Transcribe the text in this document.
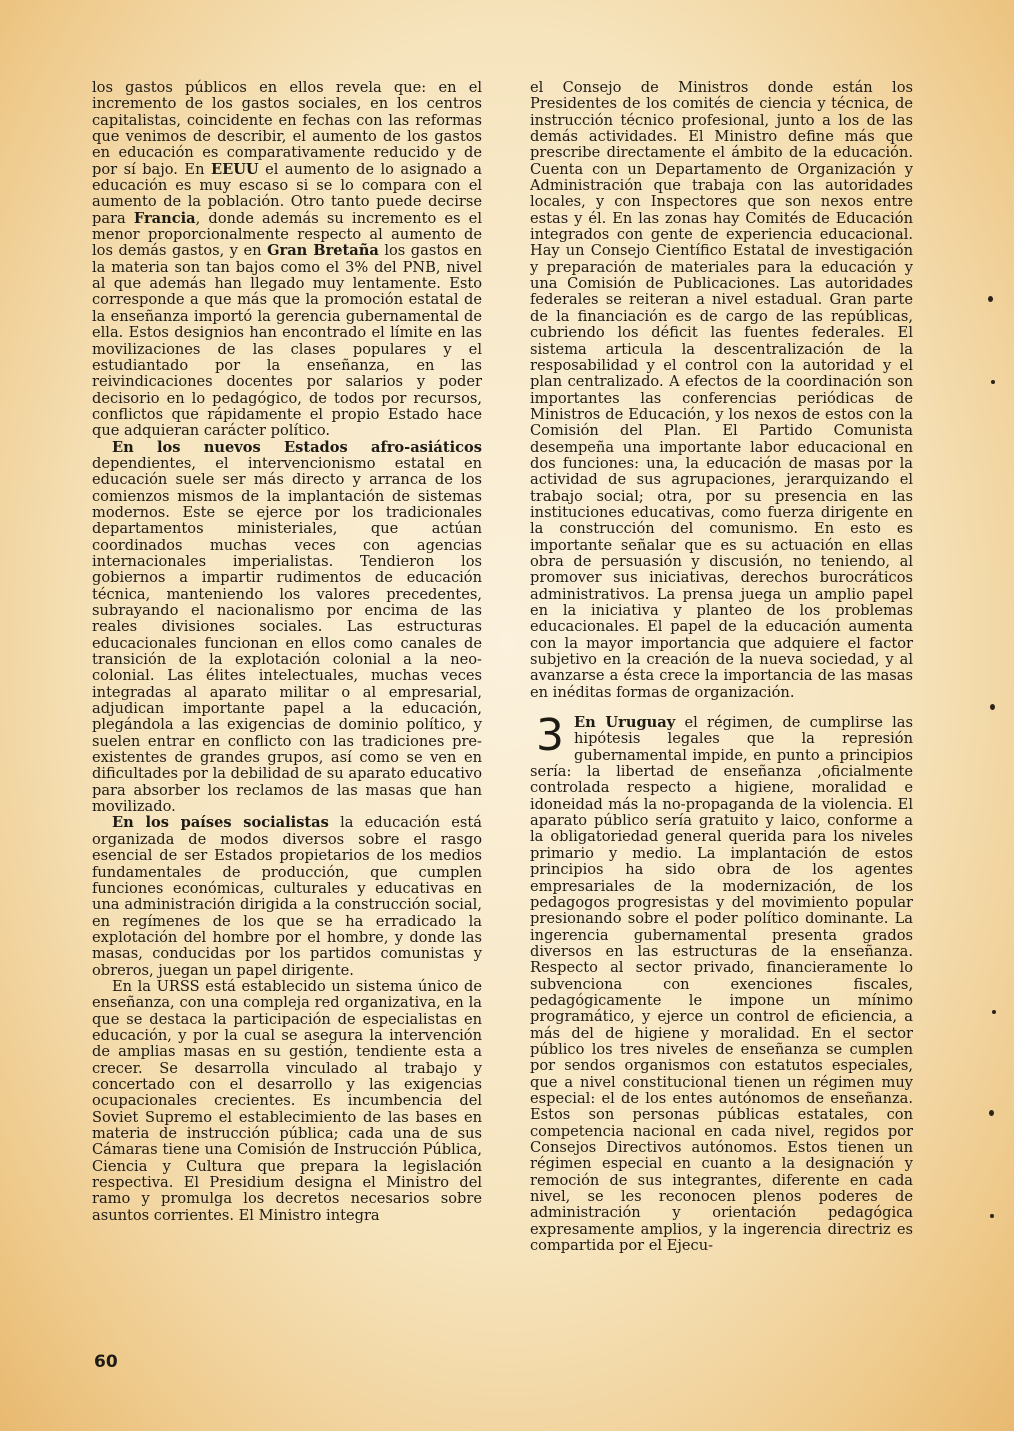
los gastos públicos en ellos revela que: en el incremento de los gastos sociales, en los centros capitalistas, coincidente en fechas con las reformas que venimos de describir, el aumento de los gastos en educación es comparativamente reducido y de por sí bajo. En EEUU el aumento de lo asignado a educación es muy escaso si se lo compara con el aumento de la población. Otro tanto puede decirse para Francia, donde además su incremento es el menor proporcionalmente respecto al aumento de los demás gastos, y en Gran Bretaña los gastos en la materia son tan bajos como el 3% del PNB, nivel al que además han llegado muy lentamente. Esto corresponde a que más que la promoción estatal de la enseñanza importó la gerencia gubernamental de ella. Estos designios han encontrado el límite en las movilizaciones de las clases populares y el estudiantado por la enseñanza, en las reivindicaciones docentes por salarios y poder decisorio en lo pedagógico, de todos por recursos, conflictos que rápidamente el propio Estado hace que adquieran carácter político.

En los nuevos Estados afro-asiáticos dependientes, el intervencionismo estatal en educación suele ser más directo y arranca de los comienzos mismos de la implantación de sistemas modernos. Este se ejerce por los tradicionales departamentos ministeriales, que actúan coordinados muchas veces con agencias internacionales imperialistas. Tendieron los gobiernos a impartir rudimentos de educación técnica, manteniendo los valores precedentes, subrayando el nacionalismo por encima de las reales divisiones sociales. Las estructuras educacionales funcionan en ellos como canales de transición de la explotación colonial a la neo-colonial. Las élites intelectuales, muchas veces integradas al aparato militar o al empresarial, adjudican importante papel a la educación, plegándola a las exigencias de dominio político, y suelen entrar en conflicto con las tradiciones pre-existentes de grandes grupos, así como se ven en dificultades por la debilidad de su aparato educativo para absorber los reclamos de las masas que han movilizado.

En los países socialistas la educación está organizada de modos diversos sobre el rasgo esencial de ser Estados propietarios de los medios fundamentales de producción, que cumplen funciones económicas, culturales y educativas en una administración dirigida a la construcción social, en regímenes de los que se ha erradicado la explotación del hombre por el hombre, y donde las masas, conducidas por los partidos comunistas y obreros, juegan un papel dirigente.

En la URSS está establecido un sistema único de enseñanza, con una compleja red organizativa, en la que se destaca la participación de especialistas en educación, y por la cual se asegura la intervención de amplias masas en su gestión, tendiente esta a crecer. Se desarrolla vinculado al trabajo y concertado con el desarrollo y las exigencias ocupacionales crecientes. Es incumbencia del Soviet Supremo el establecimiento de las bases en materia de instrucción pública; cada una de sus Cámaras tiene una Comisión de Instrucción Pública, Ciencia y Cultura que prepara la legislación respectiva. El Presidium designa el Ministro del ramo y promulga los decretos necesarios sobre asuntos corrientes. El Ministro integra

el Consejo de Ministros donde están los Presidentes de los comités de ciencia y técnica, de instrucción técnico profesional, junto a los de las demás actividades. El Ministro define más que prescribe directamente el ámbito de la educación. Cuenta con un Departamento de Organización y Administración que trabaja con las autoridades locales, y con Inspectores que son nexos entre estas y él. En las zonas hay Comités de Educación integrados con gente de experiencia educacional. Hay un Consejo Científico Estatal de investigación y preparación de materiales para la educación y una Comisión de Publicaciones. Las autoridades federales se reiteran a nivel estadual. Gran parte de la financiación es de cargo de las repúblicas, cubriendo los déficit las fuentes federales. El sistema articula la descentralización de la resposabilidad y el control con la autoridad y el plan centralizado. A efectos de la coordinación son importantes las conferencias periódicas de Ministros de Educación, y los nexos de estos con la Comisión del Plan. El Partido Comunista desempeña una importante labor educacional en dos funciones: una, la educación de masas por la actividad de sus agrupaciones, jerarquizando el trabajo social; otra, por su presencia en las instituciones educativas, como fuerza dirigente en la construcción del comunismo. En esto es importante señalar que es su actuación en ellas obra de persuasión y discusión, no teniendo, al promover sus iniciativas, derechos burocráticos administrativos. La prensa juega un amplio papel en la iniciativa y planteo de los problemas educacionales. El papel de la educación aumenta con la mayor importancia que adquiere el factor subjetivo en la creación de la nueva sociedad, y al avanzarse a ésta crece la importancia de las masas en inéditas formas de organización.

3 En Uruguay el régimen, de cumplirse las hipótesis legales que la represión gubernamental impide, en punto a principios sería: la libertad de enseñanza ,oficialmente controlada respecto a higiene, moralidad e idoneidad más la no-propaganda de la violencia. El aparato público sería gratuito y laico, conforme a la obligatoriedad general querida para los niveles primario y medio. La implantación de estos principios ha sido obra de los agentes empresariales de la modernización, de los pedagogos progresistas y del movimiento popular presionando sobre el poder político dominante. La ingerencia gubernamental presenta grados diversos en las estructuras de la enseñanza. Respecto al sector privado, financieramente lo subvenciona con exenciones fiscales, pedagógicamente le impone un mínimo programático, y ejerce un control de eficiencia, a más del de higiene y moralidad. En el sector público los tres niveles de enseñanza se cumplen por sendos organismos con estatutos especiales, que a nivel constitucional tienen un régimen muy especial: el de los entes autónomos de enseñanza. Estos son personas públicas estatales, con competencia nacional en cada nivel, regidos por Consejos Directivos autónomos. Estos tienen un régimen especial en cuanto a la designación y remoción de sus integrantes, diferente en cada nivel, se les reconocen plenos poderes de administración y orientación pedagógica expresamente amplios, y la ingerencia directriz es compartida por el Ejecu-

60
